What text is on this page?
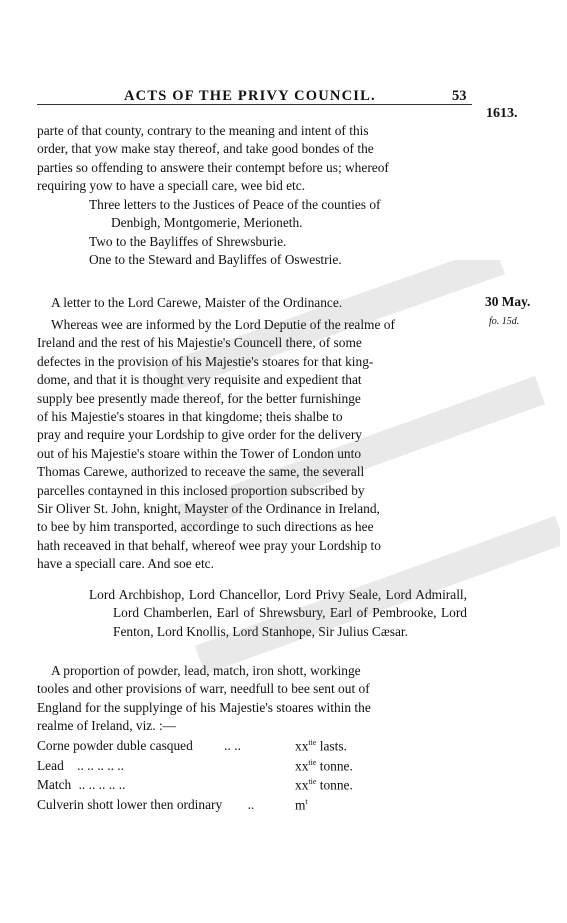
ACTS OF THE PRIVY COUNCIL.	53
1613.
parte of that county, contrary to the meaning and intent of this
order, that yow make stay thereof, and take good bondes of the
parties so offending to answere their contempt before us; whereof
requiring yow to have a speciall care, wee bid etc.
Three letters to the Justices of Peace of the counties of
Denbigh, Montgomerie, Merioneth.
Two to the Bayliffes of Shrewsburie.
One to the Steward and Bayliffes of Oswestrie.
A letter to the Lord Carewe, Maister of the Ordinance.	30 May.
fo. 15d.
Whereas wee are informed by the Lord Deputie of the realme of
Ireland and the rest of his Majestie's Councell there, of some
defectes in the provision of his Majestie's stoares for that king-
dome, and that it is thought very requisite and expedient that
supply bee presently made thereof, for the better furnishinge
of his Majestie's stoares in that kingdome; theis shalbe to
pray and require your Lordship to give order for the delivery
out of his Majestie's stoare within the Tower of London unto
Thomas Carewe, authorized to receave the same, the severall
parcelles contayned in this inclosed proportion subscribed by
Sir Oliver St. John, knight, Mayster of the Ordinance in Ireland,
to bee by him transported, accordinge to such directions as hee
hath receaved in that behalf, whereof wee pray your Lordship to
have a speciall care. And soe etc.

Lord Archbishop, Lord Chancellor, Lord Privy Seale, Lord Admirall, Lord Chamberlen, Earl of Shrewsbury, Earl of Pembrooke, Lord Fenton, Lord Knollis, Lord Stanhope, Sir Julius Cæsar.

A proportion of powder, lead, match, iron shott, workinge
tooles and other provisions of warr, needfull to bee sent out of
England for the supplyinge of his Majestie's stoares within the
realme of Ireland, viz. :—
Corne powder duble casqued .. ..	$xx^{tie}$ lasts.
Lead .. .. .. .. ..	$xx^{tie}$ tonne.
Match .. .. .. .. ..	$xx^{tie}$ tonne.
Culverin shott lower then ordinary ..	$m^t$
